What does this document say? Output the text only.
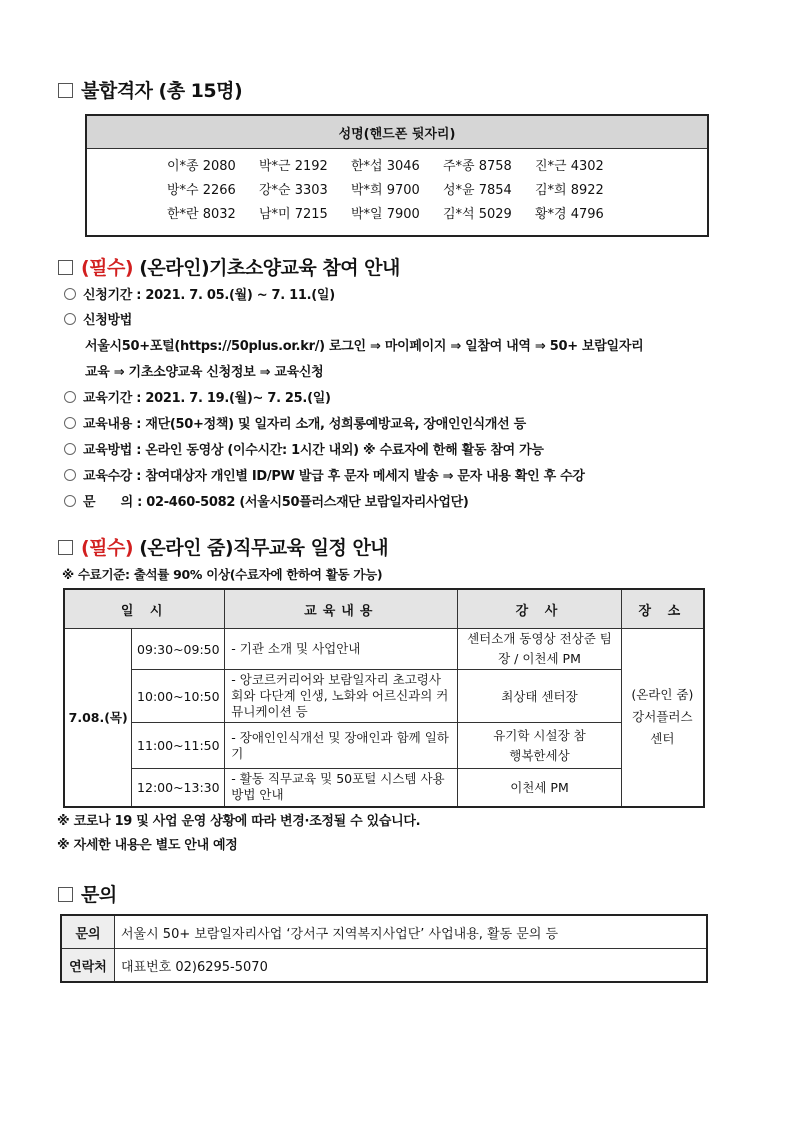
불합격자 (총 15명)
성명(핸드폰 뒷자리)

이*종 2080 박*근 2192 한*섭 3046 주*종 8758 진*근 4302
방*수 2266 강*순 3303 박*희 9700 성*윤 7854 김*희 8922
한*란 8032 남*미 7215 박*일 7900 김*석 5029 황*경 4796
(필수) (온라인)기초소양교육 참여 안내
신청기간 : 2021. 7. 05.(월) ~ 7. 11.(일)
신청방법
서울시50+포털(https://50plus.or.kr/) 로그인 ⇒ 마이페이지 ⇒ 일참여 내역 ⇒ 50+ 보람일자리
교육 ⇒ 기초소양교육 신청정보 ⇒ 교육신청
교육기간 : 2021. 7. 19.(월)~ 7. 25.(일)
교육내용 : 재단(50+정책) 및 일자리 소개, 성희롱예방교육, 장애인인식개선 등
교육방법 : 온라인 동영상 (이수시간: 1시간 내외) ※ 수료자에 한해 활동 참여 가능
교육수강 : 참여대상자 개인별 ID/PW 발급 후 문자 메세지 발송 ⇒ 문자 내용 확인 후 수강
문      의 : 02-460-5082 (서울시50플러스재단 보람일자리사업단)
(필수) (온라인 줌)직무교육 일정 안내
※ 수료기준: 출석률 90% 이상(수료자에 한하여 활동 가능)
일 시		교육내용	강 사	장 소
7.08.(목)	09:30~09:50	- 기관 소개 및 사업안내	센터소개 동영상 전상준 팀장 / 이천세 PM	(온라인 줌) 강서플러스 센터
	10:00~10:50	- 앙코르커리어와 보람일자리 초고령사회와 다단계 인생, 노화와 어르신과의 커뮤니케이션 등	최상태 센터장	
	11:00~11:50	- 장애인인식개선 및 장애인과 함께 일하기	유기학 시설장 참행복한세상	
	12:00~13:30	- 활동 직무교육 및 50포털 시스템 사용방법 안내	이천세 PM	
※ 코로나 19 및 사업 운영 상황에 따라 변경·조정될 수 있습니다.
※ 자세한 내용은 별도 안내 예정
문의
문의	서울시 50+ 보람일자리사업 ‘강서구 지역복지사업단’ 사업내용, 활동 문의 등
연락처	대표번호 02)6295-5070
